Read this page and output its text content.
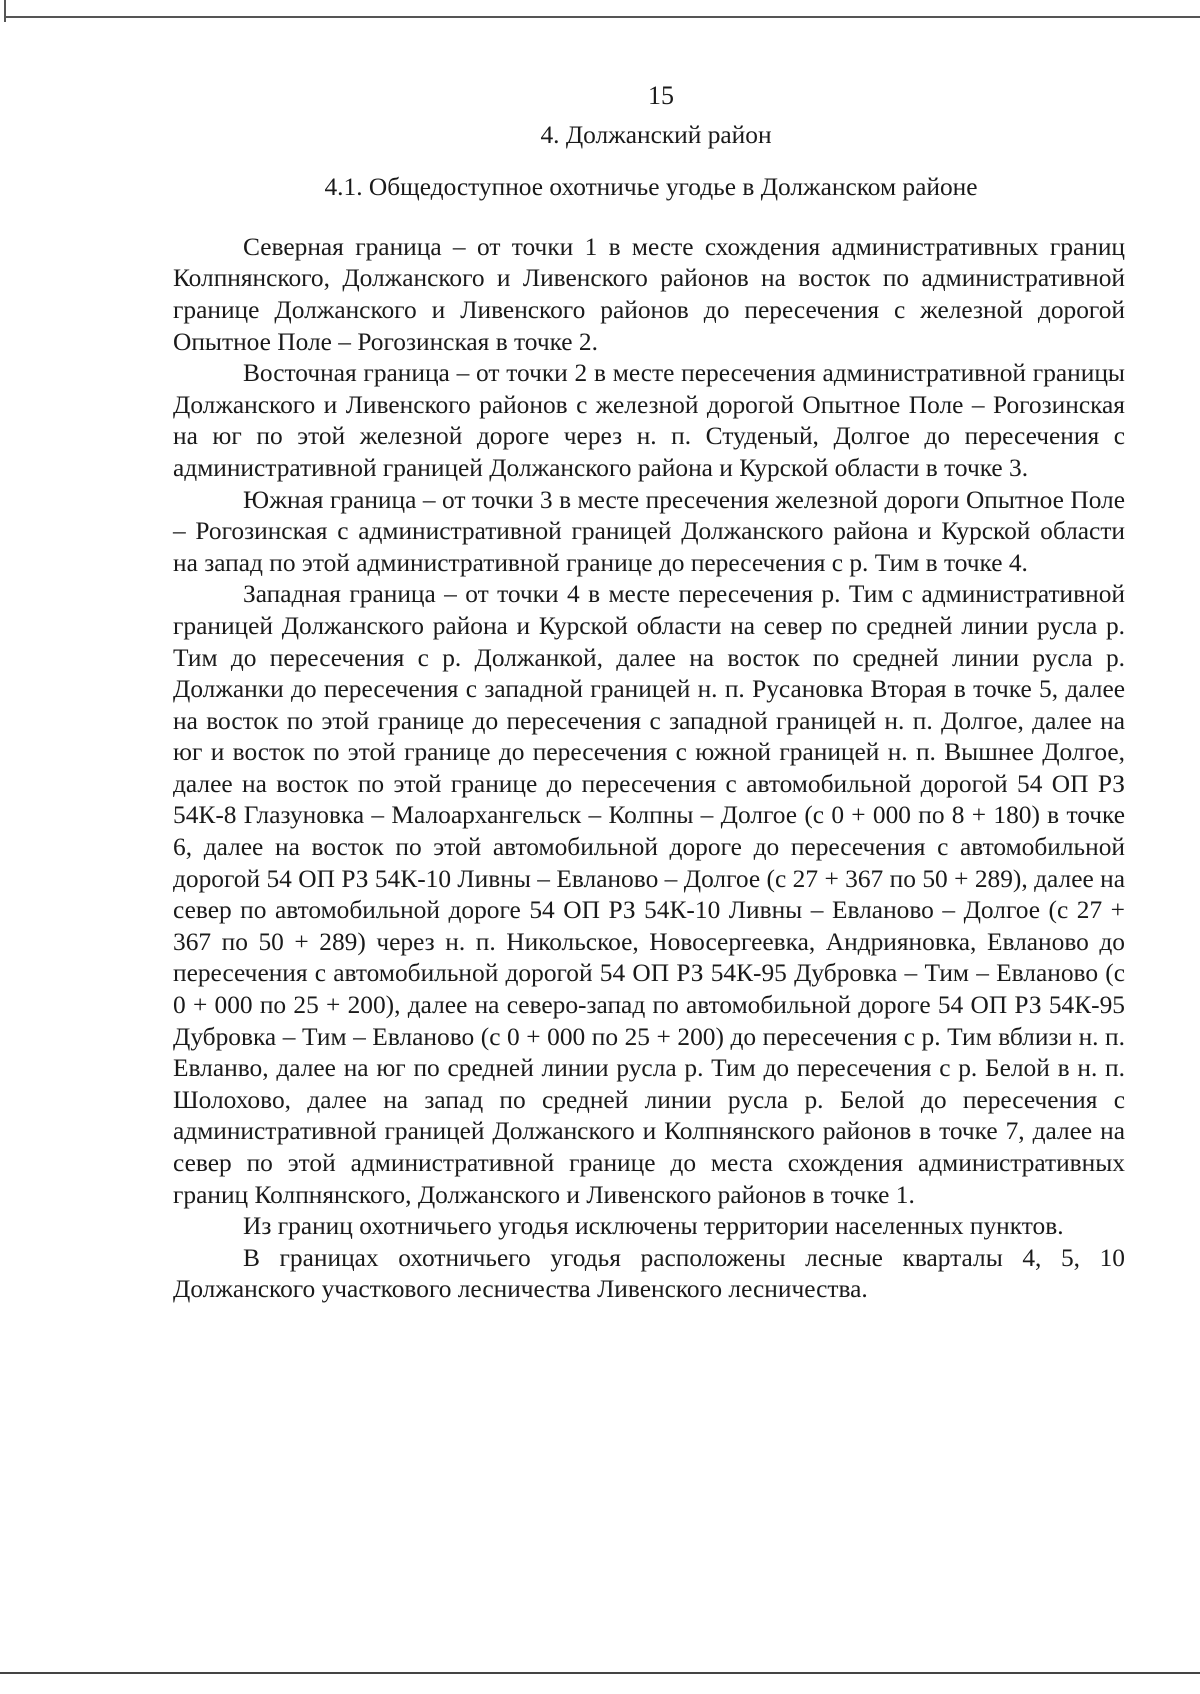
15
4. Должанский район
4.1. Общедоступное охотничье угодье в Должанском районе

Северная граница – от точки 1 в месте схождения административных границ Колпнянского, Должанского и Ливенского районов на восток по административной границе Должанского и Ливенского районов до пересечения с железной дорогой Опытное Поле – Рогозинская в точке 2.

Восточная граница – от точки 2 в месте пересечения административной границы Должанского и Ливенского районов с железной дорогой Опытное Поле – Рогозинская на юг по этой железной дороге через н. п. Студеный, Долгое до пересечения с административной границей Должанского района и Курской области в точке 3.

Южная граница – от точки 3 в месте пресечения железной дороги Опытное Поле – Рогозинская с административной границей Должанского района и Курской области на запад по этой административной границе до пересечения с р. Тим в точке 4.

Западная граница – от точки 4 в месте пересечения р. Тим с административной границей Должанского района и Курской области на север по средней линии русла р. Тим до пересечения с р. Должанкой, далее на восток по средней линии русла р. Должанки до пересечения с западной границей н. п. Русановка Вторая в точке 5, далее на восток по этой границе до пересечения с западной границей н. п. Долгое, далее на юг и восток по этой границе до пересечения с южной границей н. п. Вышнее Долгое, далее на восток по этой границе до пересечения с автомобильной дорогой 54 ОП РЗ 54К-8 Глазуновка – Малоархангельск – Колпны – Долгое (с 0 + 000 по 8 + 180) в точке 6, далее на восток по этой автомобильной дороге до пересечения с автомобильной дорогой 54 ОП РЗ 54К-10 Ливны – Евланово – Долгое (с 27 + 367 по 50 + 289), далее на север по автомобильной дороге 54 ОП РЗ 54К-10 Ливны – Евланово – Долгое (с 27 + 367 по 50 + 289) через н. п. Никольское, Новосергеевка, Андрияновка, Евланово до пересечения с автомобильной дорогой 54 ОП РЗ 54К-95 Дубровка – Тим – Евланово (с 0 + 000 по 25 + 200), далее на северо-запад по автомобильной дороге 54 ОП РЗ 54К-95 Дубровка – Тим – Евланово (с 0 + 000 по 25 + 200) до пересечения с р. Тим вблизи н. п. Евланво, далее на юг по средней линии русла р. Тим до пересечения с р. Белой в н. п. Шолохово, далее на запад по средней линии русла р. Белой до пересечения с административной границей Должанского и Колпнянского районов в точке 7, далее на север по этой административной границе до места схождения административных границ Колпнянского, Должанского и Ливенского районов в точке 1.

Из границ охотничьего угодья исключены территории населенных пунктов.

В границах охотничьего угодья расположены лесные кварталы 4, 5, 10 Должанского участкового лесничества Ливенского лесничества.
